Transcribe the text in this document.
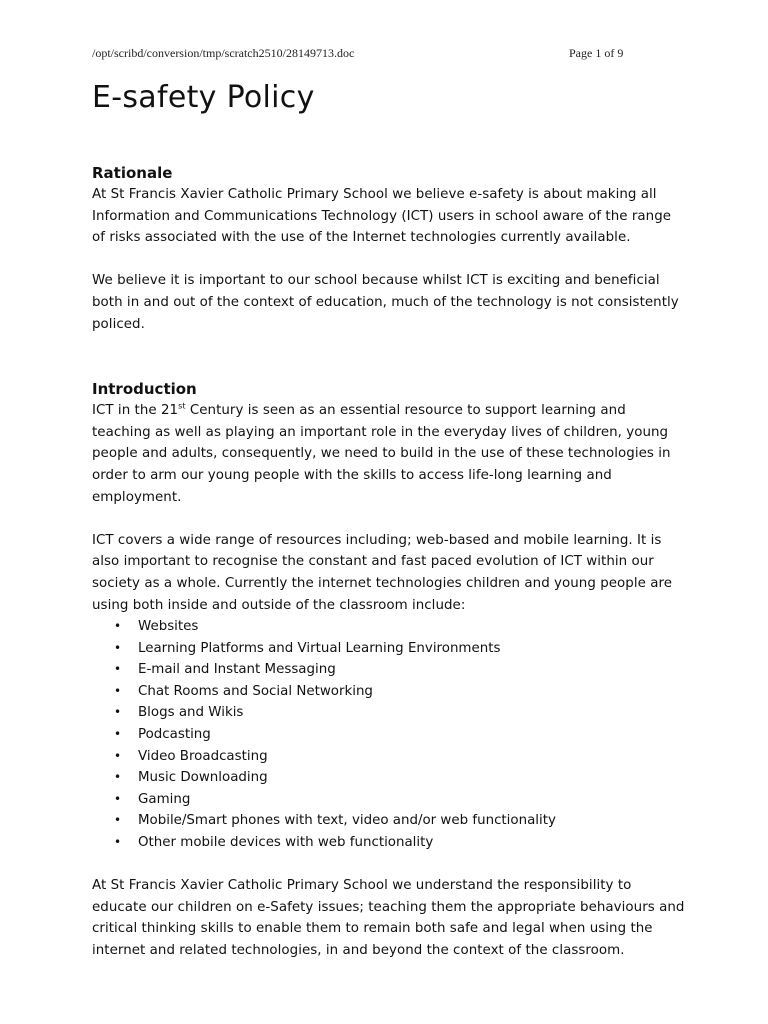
/opt/scribd/conversion/tmp/scratch2510/28149713.doc	Page 1 of 9
E-safety Policy
Rationale

At St Francis Xavier Catholic Primary School we believe e-safety is about making all Information and Communications Technology (ICT) users in school aware of the range of risks associated with the use of the Internet technologies currently available.

We believe it is important to our school because whilst ICT is exciting and beneficial both in and out of the context of education, much of the technology is not consistently policed.

Introduction

ICT in the 21st Century is seen as an essential resource to support learning and teaching as well as playing an important role in the everyday lives of children, young people and adults, consequently, we need to build in the use of these technologies in order to arm our young people with the skills to access life-long learning and employment.

ICT covers a wide range of resources including; web-based and mobile learning. It is also important to recognise the constant and fast paced evolution of ICT within our society as a whole. Currently the internet technologies children and young people are using both inside and outside of the classroom include:

• Websites
• Learning Platforms and Virtual Learning Environments
• E-mail and Instant Messaging
• Chat Rooms and Social Networking
• Blogs and Wikis
• Podcasting
• Video Broadcasting
• Music Downloading
• Gaming
• Mobile/Smart phones with text, video and/or web functionality
• Other mobile devices with web functionality

At St Francis Xavier Catholic Primary School we understand the responsibility to educate our children on e-Safety issues; teaching them the appropriate behaviours and critical thinking skills to enable them to remain both safe and legal when using the internet and related technologies, in and beyond the context of the classroom.
